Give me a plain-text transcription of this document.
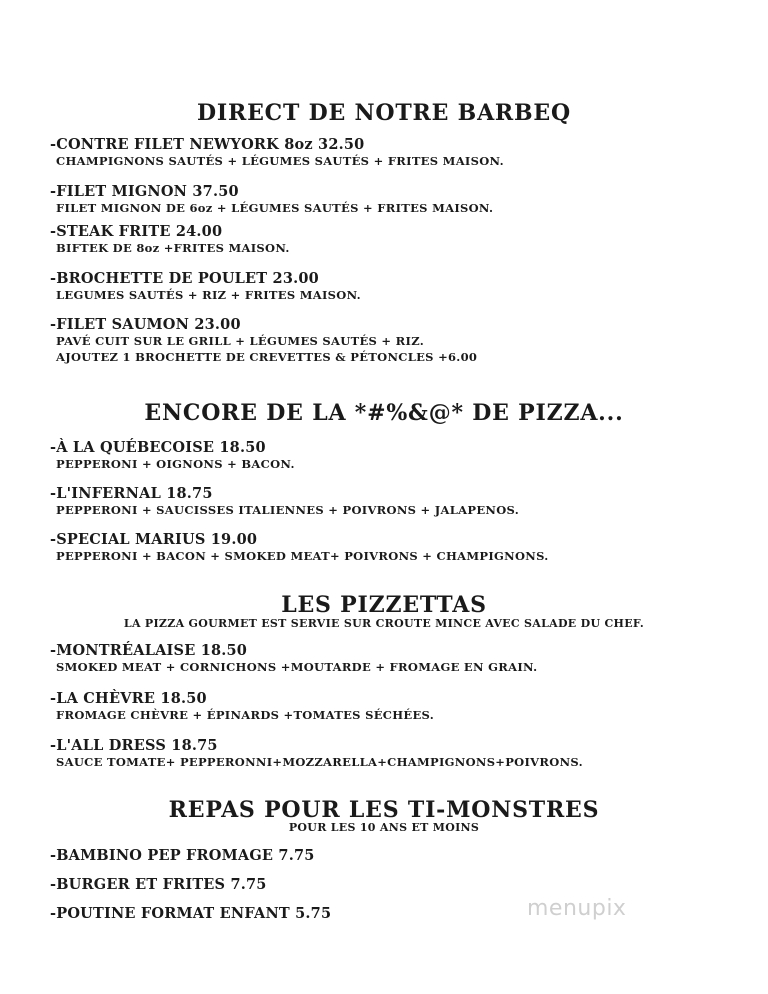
DIRECT DE NOTRE BARBEQ
-CONTRE FILET NEWYORK 8oz 32.50
CHAMPIGNONS SAUTÉS + LÉGUMES SAUTÉS + FRITES MAISON.
-FILET MIGNON 37.50
FILET MIGNON DE 6oz + LÉGUMES SAUTÉS + FRITES MAISON.
-STEAK FRITE 24.00
BIFTEK DE 8oz +FRITES MAISON.
-BROCHETTE DE POULET 23.00
LEGUMES SAUTÉS + RIZ + FRITES MAISON.
-FILET SAUMON 23.00
PAVÉ CUIT SUR LE GRILL + LÉGUMES SAUTÉS + RIZ.
AJOUTEZ 1 BROCHETTE DE CREVETTES & PÉTONCLES +6.00
ENCORE DE LA *#%&@* DE PIZZA...
-À LA QUÉBECOISE 18.50
PEPPERONI + OIGNONS + BACON.
-L'INFERNAL 18.75
PEPPERONI + SAUCISSES ITALIENNES + POIVRONS + JALAPENOS.
-SPECIAL MARIUS 19.00
PEPPERONI + BACON + SMOKED MEAT+ POIVRONS + CHAMPIGNONS.
LES PIZZETTAS
LA PIZZA GOURMET EST SERVIE SUR CROUTE MINCE AVEC SALADE DU CHEF.
-MONTRÉALAISE 18.50
SMOKED MEAT + CORNICHONS +MOUTARDE + FROMAGE EN GRAIN.
-LA CHÈVRE 18.50
FROMAGE CHÈVRE + ÉPINARDS +TOMATES SÉCHÉES.
-L'ALL DRESS 18.75
SAUCE TOMATE+ PEPPERONNI+MOZZARELLA+CHAMPIGNONS+POIVRONS.
REPAS POUR LES TI-MONSTRES
POUR LES 10 ANS ET MOINS
-BAMBINO PEP FROMAGE 7.75
-BURGER ET FRITES 7.75
-POUTINE FORMAT ENFANT 5.75	menupix
